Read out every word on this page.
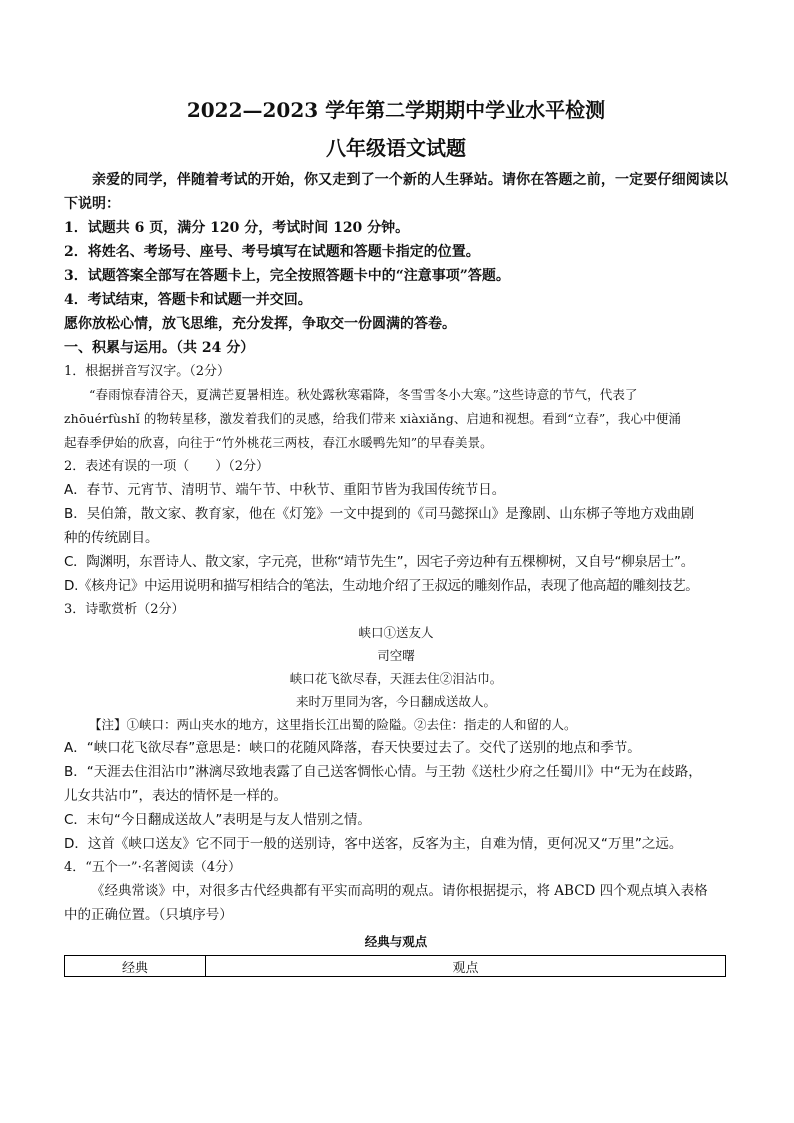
2022—2023 学年第二学期期中学业水平检测
八年级语文试题

亲爱的同学，伴随着考试的开始，你又走到了一个新的人生驿站。请你在答题之前，一定要仔细阅读以下说明：

1．试题共 6 页，满分 120 分，考试时间 120 分钟。

2．将姓名、考场号、座号、考号填写在试题和答题卡指定的位置。

3．试题答案全部写在答题卡上，完全按照答题卡中的“注意事项”答题。

4．考试结束，答题卡和试题一并交回。

愿你放松心情，放飞思维，充分发挥，争取交一份圆满的答卷。

一、积累与运用。（共 24 分）

1．根据拼音写汉字。（2分）

“春雨惊春清谷天，夏满芒夏暑相连。秋处露秋寒霜降，冬雪雪冬小大寒。”这些诗意的节气，代表了
zhōuérfùshǐ 的物转星移，激发着我们的灵感，给我们带来 xiàxiǎng、启迪和视想。看到“立春”，我心中便涌
起春季伊始的欣喜，向往于“竹外桃花三两枝，春江水暖鸭先知”的早春美景。

2．表述有误的一项（　　）（2分）

A．春节、元宵节、清明节、端午节、中秋节、重阳节皆为我国传统节日。

B．吴伯箫，散文家、教育家，他在《灯笼》一文中提到的《司马懿探山》是豫剧、山东梆子等地方戏曲剧

种的传统剧目。

C．陶渊明，东晋诗人、散文家，字元亮，世称“靖节先生”，因宅子旁边种有五棵柳树，又自号“柳泉居士”。

D.《核舟记》中运用说明和描写相结合的笔法，生动地介绍了王叔远的雕刻作品，表现了他高超的雕刻技艺。

3．诗歌赏析（2分）

峡口①送友人

司空曙

峡口花飞欲尽春，天涯去住②泪沾巾。

来时万里同为客，今日翻成送故人。

【注】①峡口：两山夹水的地方，这里指长江出蜀的险隘。②去住：指走的人和留的人。

A．“峡口花飞欲尽春”意思是：峡口的花随风降落，春天快要过去了。交代了送别的地点和季节。

B．“天涯去住泪沾巾”淋漓尽致地表露了自己送客惆怅心情。与王勃《送杜少府之任蜀川》中“无为在歧路，

儿女共沾巾”，表达的情怀是一样的。

C．末句“今日翻成送故人”表明是与友人惜别之情。

D．这首《峡口送友》它不同于一般的送别诗，客中送客，反客为主，自难为情，更何况又“万里”之远。

4．“五个一”·名著阅读（4分）

《经典常谈》中，对很多古代经典都有平实而高明的观点。请你根据提示，将 ABCD 四个观点填入表格

中的正确位置。（只填序号）

经典与观点

经典	观点
